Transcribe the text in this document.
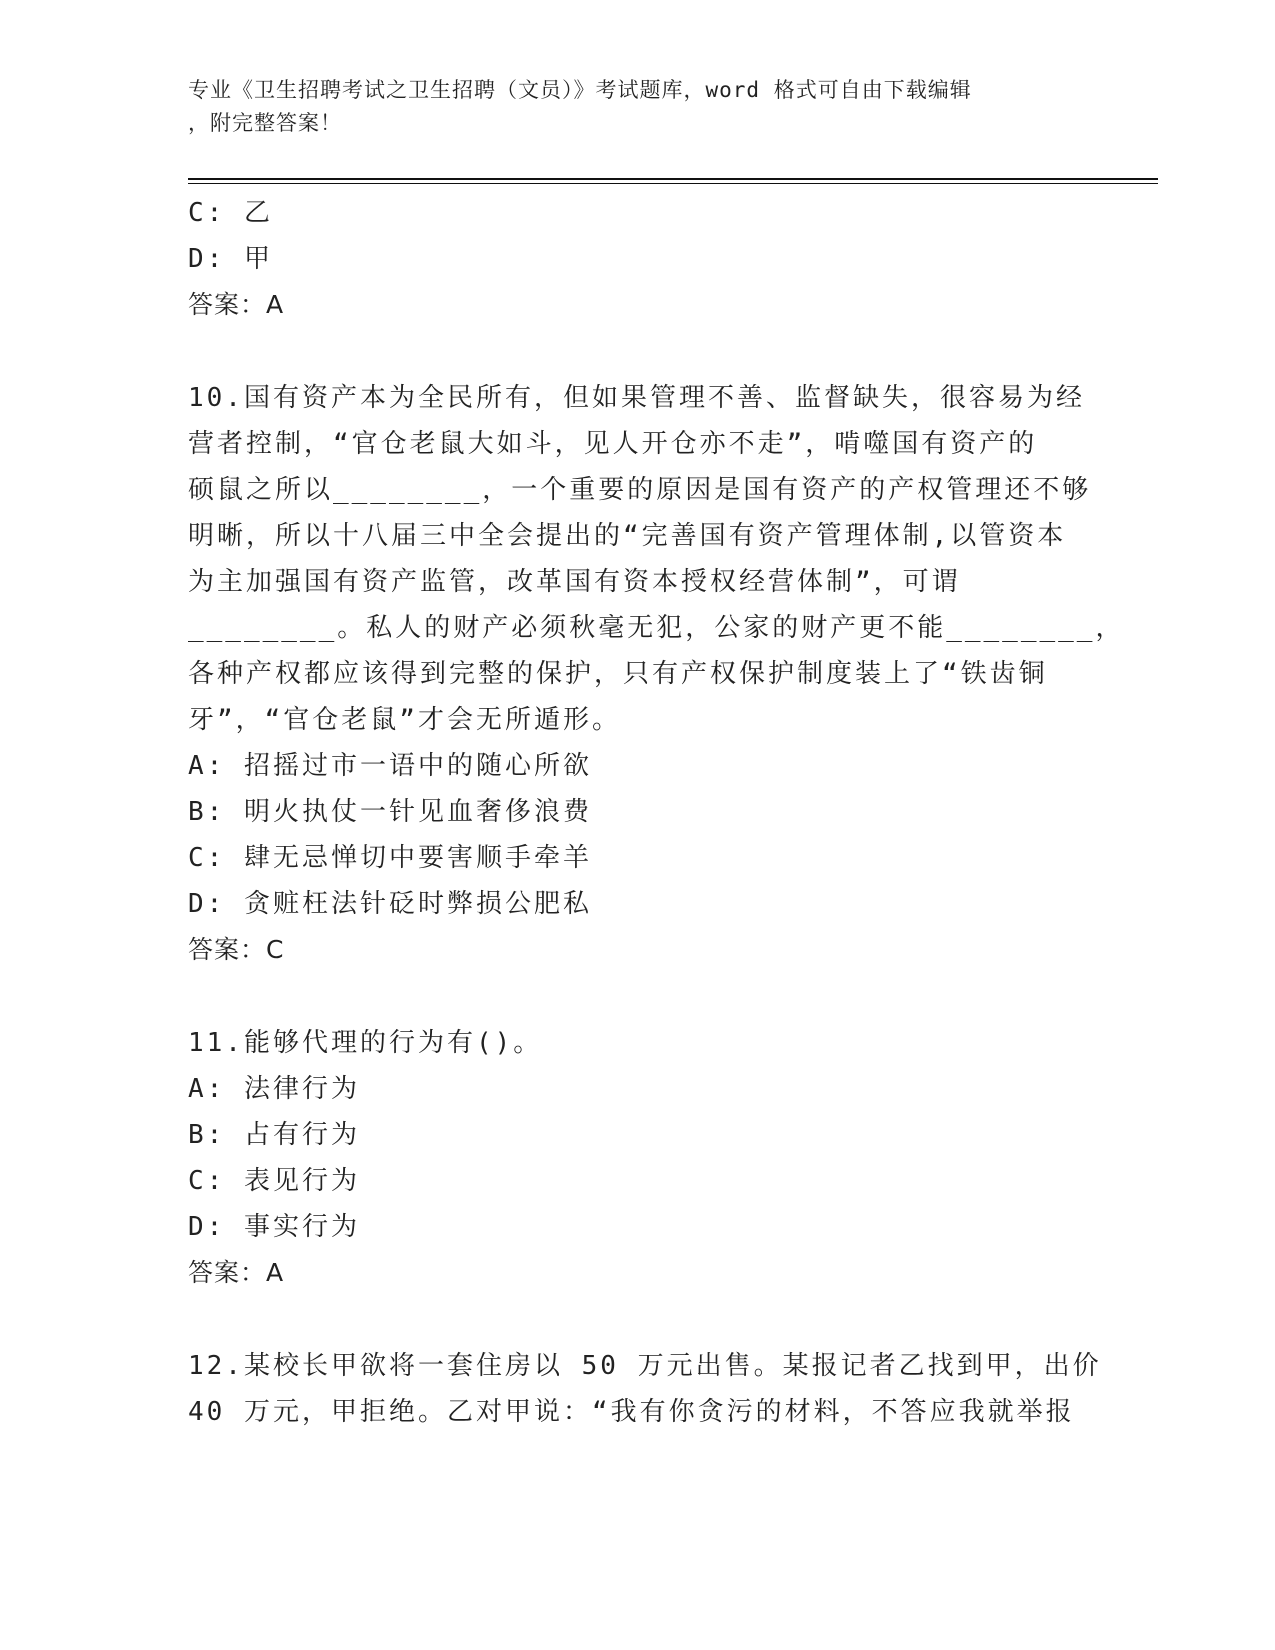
专业《卫生招聘考试之卫生招聘（文员）》考试题库，word 格式可自由下载编辑
，附完整答案！
C: 乙
D: 甲
答案：A
10.国有资产本为全民所有，但如果管理不善、监督缺失，很容易为经
营者控制，“官仓老鼠大如斗，见人开仓亦不走”，啃噬国有资产的
硕鼠之所以________，一个重要的原因是国有资产的产权管理还不够
明晰，所以十八届三中全会提出的“完善国有资产管理体制,以管资本
为主加强国有资产监管，改革国有资本授权经营体制”，可谓
________。私人的财产必须秋毫无犯，公家的财产更不能________，
各种产权都应该得到完整的保护，只有产权保护制度装上了“铁齿铜
牙”，“官仓老鼠”才会无所遁形。
A: 招摇过市一语中的随心所欲
B: 明火执仗一针见血奢侈浪费
C: 肆无忌惮切中要害顺手牵羊
D: 贪赃枉法针砭时弊损公肥私
答案：C
11.能够代理的行为有()。
A: 法律行为
B: 占有行为
C: 表见行为
D: 事实行为
答案：A
12.某校长甲欲将一套住房以 50 万元出售。某报记者乙找到甲，出价
40 万元，甲拒绝。乙对甲说：“我有你贪污的材料，不答应我就举报
